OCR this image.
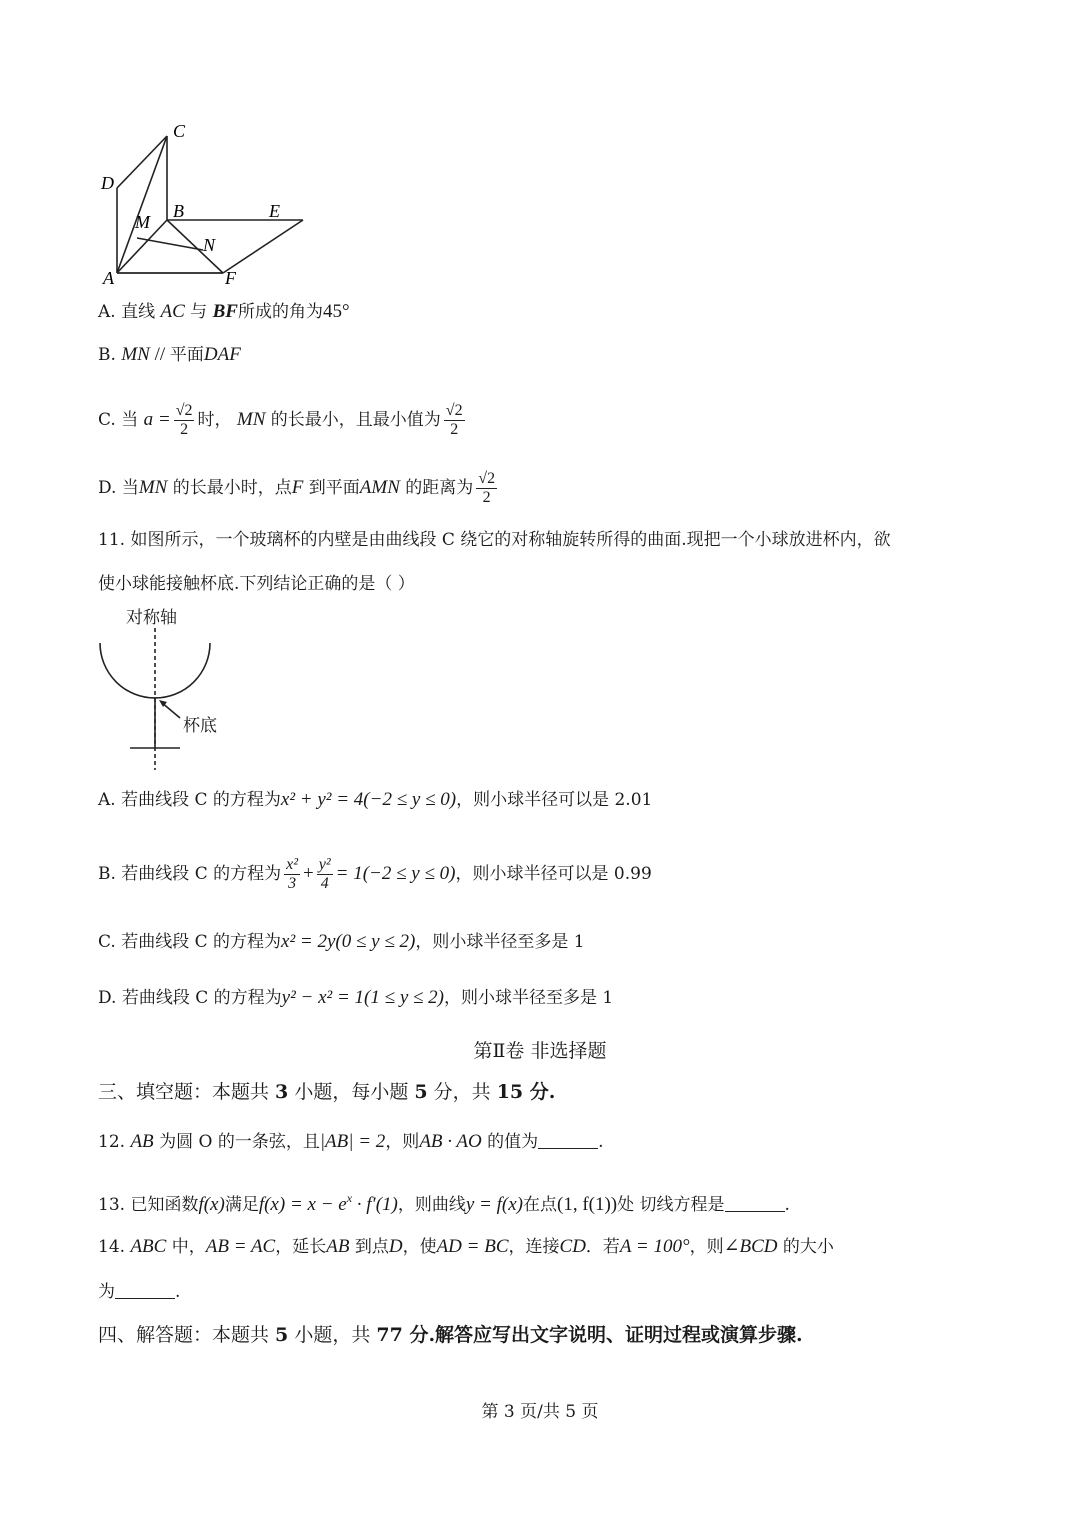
C
D
M
B	E
N
A	F
A. 直线 AC 与 BF所成的角为45°
B. MN // 平面DAF
C. 当 $a = \frac{√2}{2}$ 时， MN 的长最小，且最小值为 $\frac{√2}{2}$
D. 当MN 的长最小时，点F 到平面AMN 的距离为 $\frac{√2}{2}$
11. 如图所示，一个玻璃杯的内壁是由曲线段 C 绕它的对称轴旋转所得的曲面.现把一个小球放进杯内，欲
使小球能接触杯底.下列结论正确的是（ ）
对称轴
杯底
A. 若曲线段 C 的方程为x² + y² = 4(−2 ≤ y ≤ 0)，则小球半径可以是 2.01
B. 若曲线段 C 的方程为 $\frac{\text{x²}}{3} + \frac{\text{y²}}{4} = 1(-2 \le y \le 0)$，则小球半径可以是 0.99
C. 若曲线段 C 的方程为x² = 2y(0 ≤ y ≤ 2)，则小球半径至多是 1
D. 若曲线段 C 的方程为y² − x² = 1(1 ≤ y ≤ 2)，则小球半径至多是 1
第Ⅱ卷 非选择题
三、填空题：本题共 3 小题，每小题 5 分，共 15 分.
12. AB 为圆 O 的一条弦，且|AB| = 2，则AB · AO 的值为	.
13. 已知函数f(x)满足$f(x) = x - e^x \cdot f'(1)$，则曲线y = f(x)在点(1, f(1))处 切线方程是	.
14. ABC 中，AB = AC，延长AB 到点D，使AD = BC，连接CD．若A = 100°，则∠BCD 的大小
为	.
四、解答题：本题共 5 小题，共 77 分.解答应写出文字说明、证明过程或演算步骤.
第 3 页/共 5 页
